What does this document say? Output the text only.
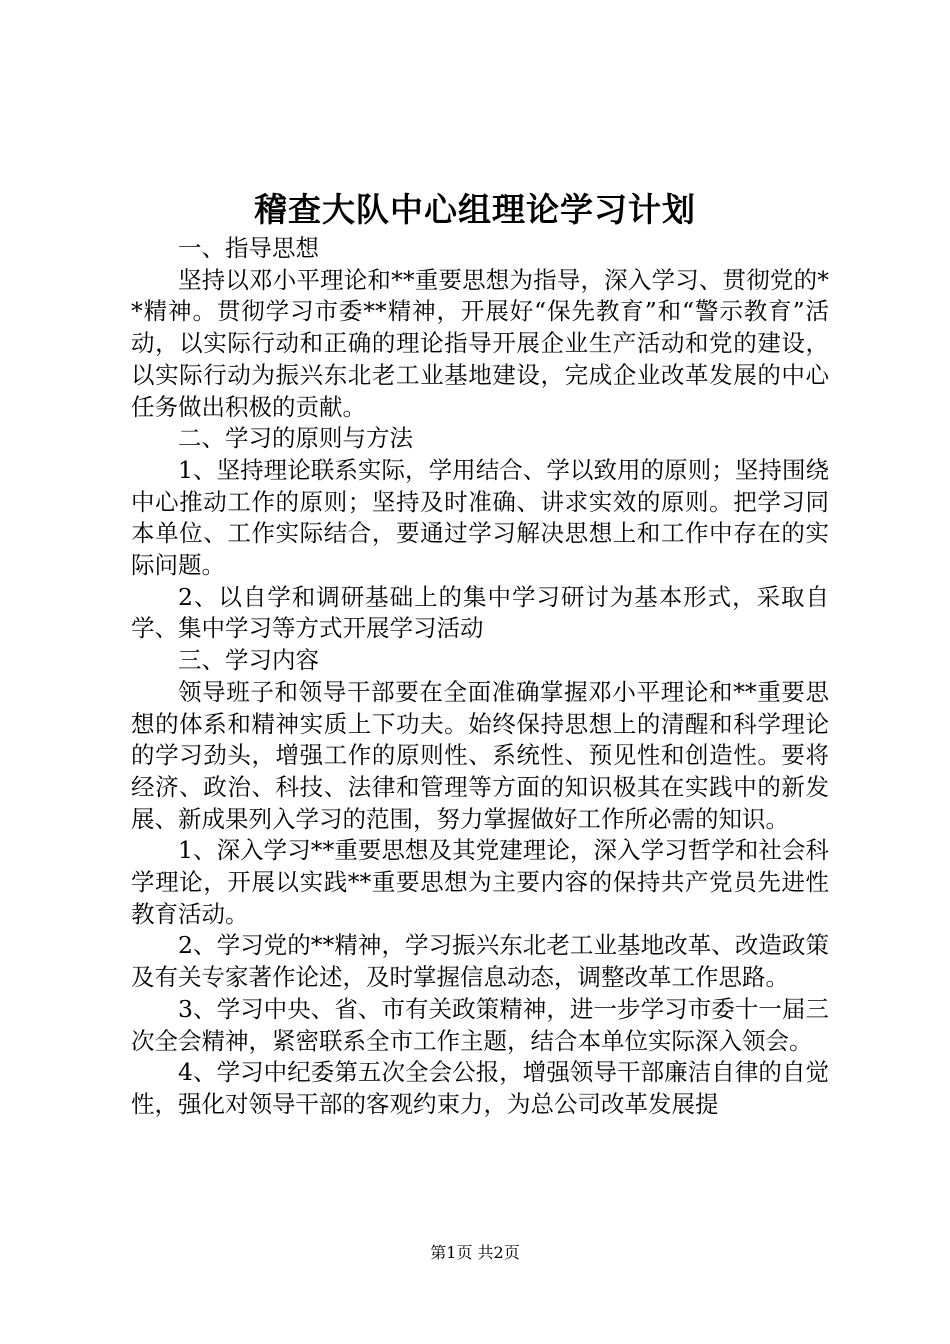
稽查大队中心组理论学习计划

一、指导思想

坚持以邓小平理论和**重要思想为指导，深入学习、贯彻党的**精神。贯彻学习市委**精神，开展好“保先教育”和“警示教育”活动，以实际行动和正确的理论指导开展企业生产活动和党的建设，以实际行动为振兴东北老工业基地建设，完成企业改革发展的中心任务做出积极的贡献。

二、学习的原则与方法

1、坚持理论联系实际，学用结合、学以致用的原则；坚持围绕中心推动工作的原则；坚持及时准确、讲求实效的原则。把学习同本单位、工作实际结合，要通过学习解决思想上和工作中存在的实际问题。

2、以自学和调研基础上的集中学习研讨为基本形式，采取自学、集中学习等方式开展学习活动

三、学习内容

领导班子和领导干部要在全面准确掌握邓小平理论和**重要思想的体系和精神实质上下功夫。始终保持思想上的清醒和科学理论的学习劲头，增强工作的原则性、系统性、预见性和创造性。要将经济、政治、科技、法律和管理等方面的知识极其在实践中的新发展、新成果列入学习的范围，努力掌握做好工作所必需的知识。

1、深入学习**重要思想及其党建理论，深入学习哲学和社会科学理论，开展以实践**重要思想为主要内容的保持共产党员先进性教育活动。

2、学习党的**精神，学习振兴东北老工业基地改革、改造政策及有关专家著作论述，及时掌握信息动态，调整改革工作思路。

3、学习中央、省、市有关政策精神，进一步学习市委十一届三次全会精神，紧密联系全市工作主题，结合本单位实际深入领会。

4、学习中纪委第五次全会公报，增强领导干部廉洁自律的自觉性，强化对领导干部的客观约束力，为总公司改革发展提

第1页 共2页
